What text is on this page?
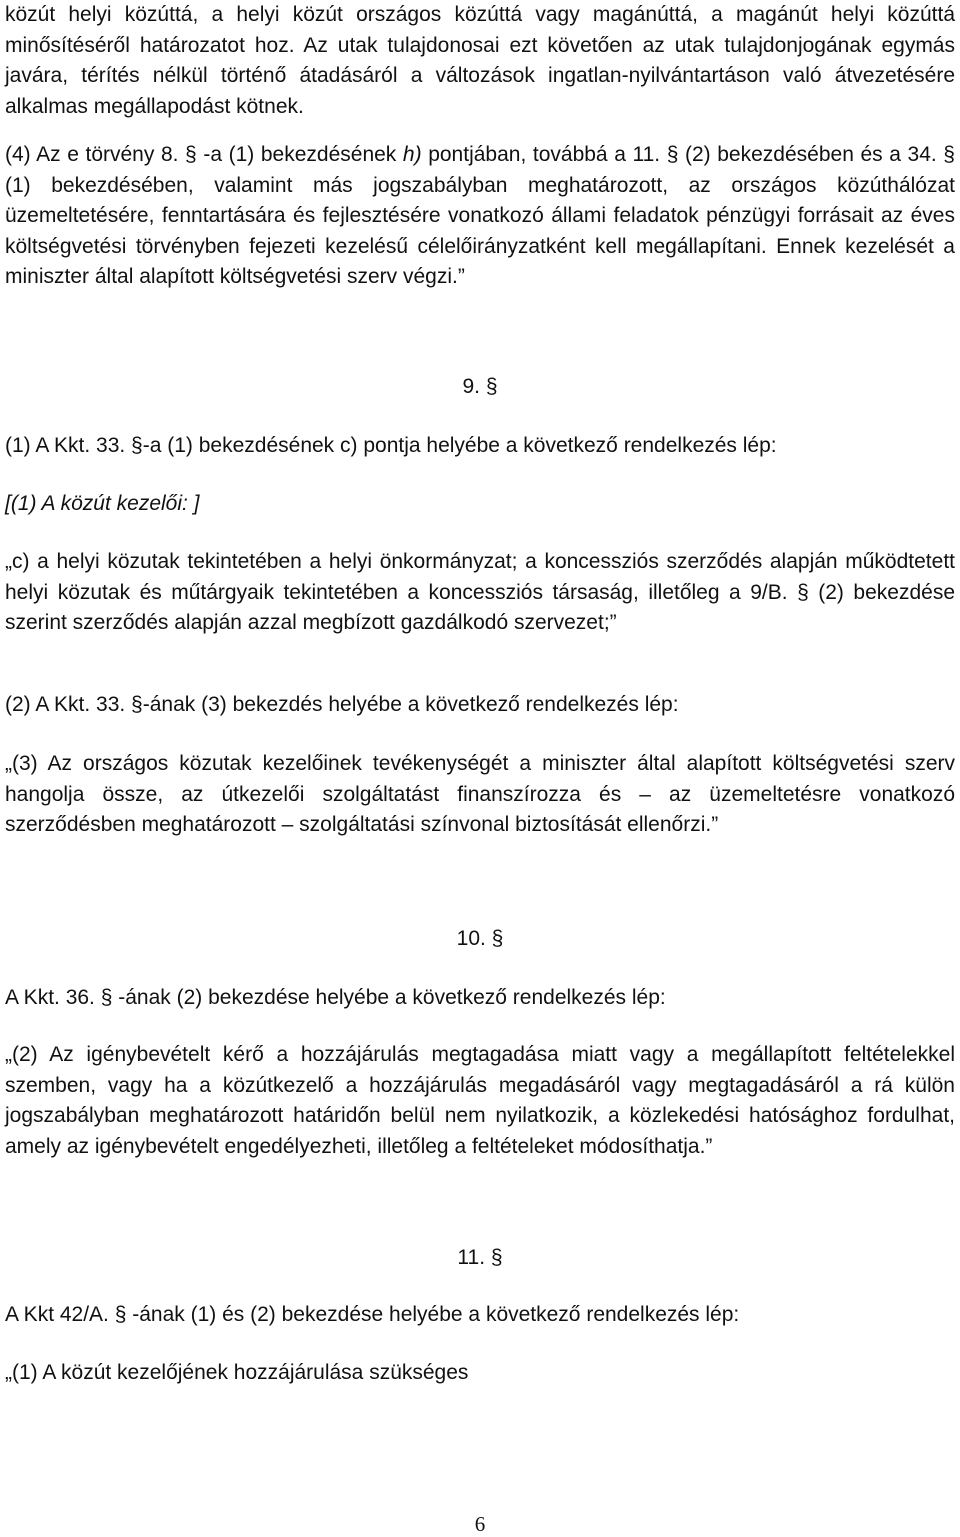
közút helyi közúttá, a helyi közút országos közúttá vagy magánúttá, a magánút helyi közúttá minősítéséről határozatot hoz. Az utak tulajdonosai ezt követően az utak tulajdonjogának egymás javára, térítés nélkül történő átadásáról a változások ingatlan-nyilvántartáson való átvezetésére alkalmas megállapodást kötnek.

(4) Az e törvény 8. § -a (1) bekezdésének h) pontjában, továbbá a 11. § (2) bekezdésében és a 34. § (1) bekezdésében, valamint más jogszabályban meghatározott, az országos közúthálózat üzemeltetésére, fenntartására és fejlesztésére vonatkozó állami feladatok pénzügyi forrásait az éves költségvetési törvényben fejezeti kezelésű célelőirányzatként kell megállapítani. Ennek kezelését a miniszter által alapított költségvetési szerv végzi.”

9. §

(1) A Kkt. 33. §-a (1) bekezdésének c) pontja helyébe a következő rendelkezés lép:

[(1) A közút kezelői: ]

„c) a helyi közutak tekintetében a helyi önkormányzat; a koncessziós szerződés alapján működtetett helyi közutak és műtárgyaik tekintetében a koncessziós társaság, illetőleg a 9/B. § (2) bekezdése szerint szerződés alapján azzal megbízott gazdálkodó szervezet;”

(2) A Kkt. 33. §-ának (3) bekezdés helyébe a következő rendelkezés lép:

„(3) Az országos közutak kezelőinek tevékenységét a miniszter által alapított költségvetési szerv hangolja össze, az útkezelői szolgáltatást finanszírozza és – az üzemeltetésre vonatkozó szerződésben meghatározott – szolgáltatási színvonal biztosítását ellenőrzi.”

10. §

A Kkt. 36. § -ának (2) bekezdése helyébe a következő rendelkezés lép:

„(2) Az igénybevételt kérő a hozzájárulás megtagadása miatt vagy a megállapított feltételekkel szemben, vagy ha a közútkezelő a hozzájárulás megadásáról vagy megtagadásáról a rá külön jogszabályban meghatározott határidőn belül nem nyilatkozik, a közlekedési hatósághoz fordulhat, amely az igénybevételt engedélyezheti, illetőleg a feltételeket módosíthatja.”

11. §

A Kkt 42/A. § -ának (1) és (2) bekezdése helyébe a következő rendelkezés lép:

„(1) A közút kezelőjének hozzájárulása szükséges

6
